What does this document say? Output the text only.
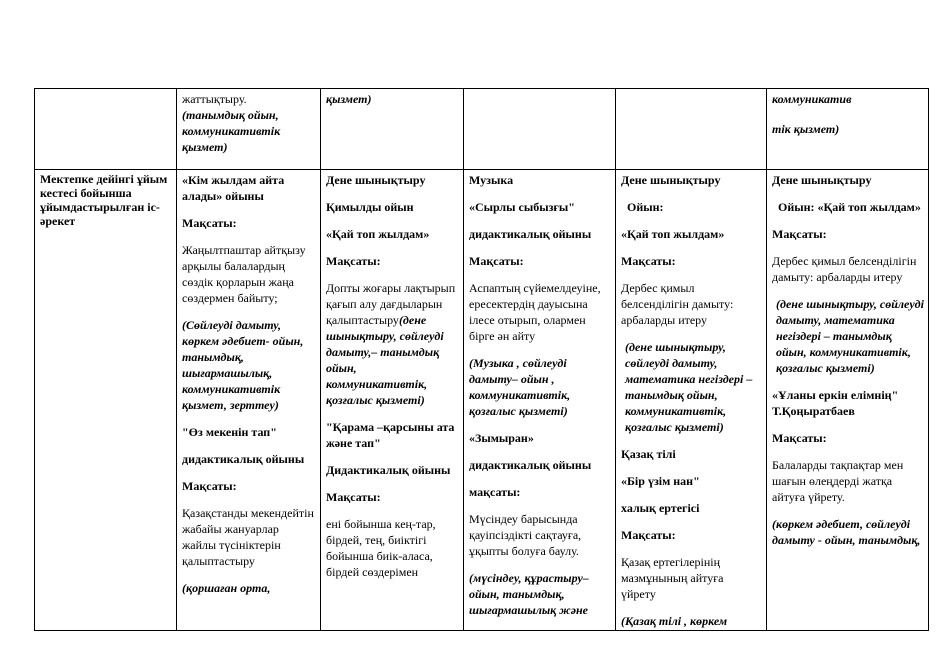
жаттықтыру.

(танымдық ойын, коммуникативтік қызмет)

қызмет)	коммуникатив

тік қызмет)

Мектепке дейінгі ұйым кестесі бойынша ұйымдастырылған іс-әрекет

«Кім жылдам айта алады» ойыны

Мақсаты:

Жаңылтпаштар айтқызу арқылы балалардың сөздік қорларын жаңа сөздермен байыту;

(Сөйлеуді дамыту, көркем әдебиет- ойын, танымдық, шығармашылық, коммуникативтік қызмет, зерттеу)

"Өз мекенін тап"

дидактикалық ойыны

Мақсаты:

Қазақстанды мекендейтін жабайы жануарлар жайлы түсініктерін қалыптастыру

(қоршаған орта,

Дене шынықтыру

Қимылды ойын

«Қай топ жылдам»

Мақсаты:

Допты жоғары лақтырып қағып алу дағдыларын қалыптастыру(дене шынықтыру, сөйлеуді дамыту,– танымдық ойын, коммуникативтік, қозғалыс қызметі)

"Қарама –қарсыны ата және тап"

Дидактикалық ойыны

Мақсаты:

ені бойынша кең-тар, бірдей, тең, биіктігі бойынша биік-аласа, бірдей сөздерімен

Музыка

«Сырлы сыбызғы"

дидактикалық ойыны

Мақсаты:

Аспаптың сүйемелдеуіне, ересектердің дауысына ілесе отырып, олармен бірге ән айту

(Музыка , сөйлеуді дамыту– ойын , коммуникативтік, қозғалыс қызметі)

«Зымыран»

дидактикалық ойыны

мақсаты:

Мүсіндеу барысында қауіпсіздікті сақтауға, ұқыпты болуға баулу.

(мүсіндеу, құрастыру– ойын, танымдық, шығармашылық және

Дене шынықтыру

Ойын:

«Қай топ жылдам»

Мақсаты:

Дербес қимыл белсенділігін дамыту: арбаларды итеру

(дене шынықтыру, сөйлеуді дамыту, математика негіздері – танымдық ойын, коммуникативтік, қозғалыс қызметі)

Қазақ тілі

«Бір үзім нан"

халық ертегісі

Мақсаты:

Қазақ ертегілерінің мазмұнының айтуға үйрету

(Қазақ тілі , көркем

Дене шынықтыру

Ойын: «Қай топ жылдам»

Мақсаты:

Дербес қимыл белсенділігін дамыту: арбаларды итеру

(дене шынықтыру, сөйлеуді дамыту, математика негіздері – танымдық ойын, коммуникативтік, қозғалыс қызметі)

«Ұланы еркін елімнің" Т.Қоңыратбаев

Мақсаты:

Балаларды тақпақтар мен шағын өлеңдерді жатқа айтуға үйрету.

(көркем әдебиет, сөйлеуді дамыту - ойын, танымдық,
